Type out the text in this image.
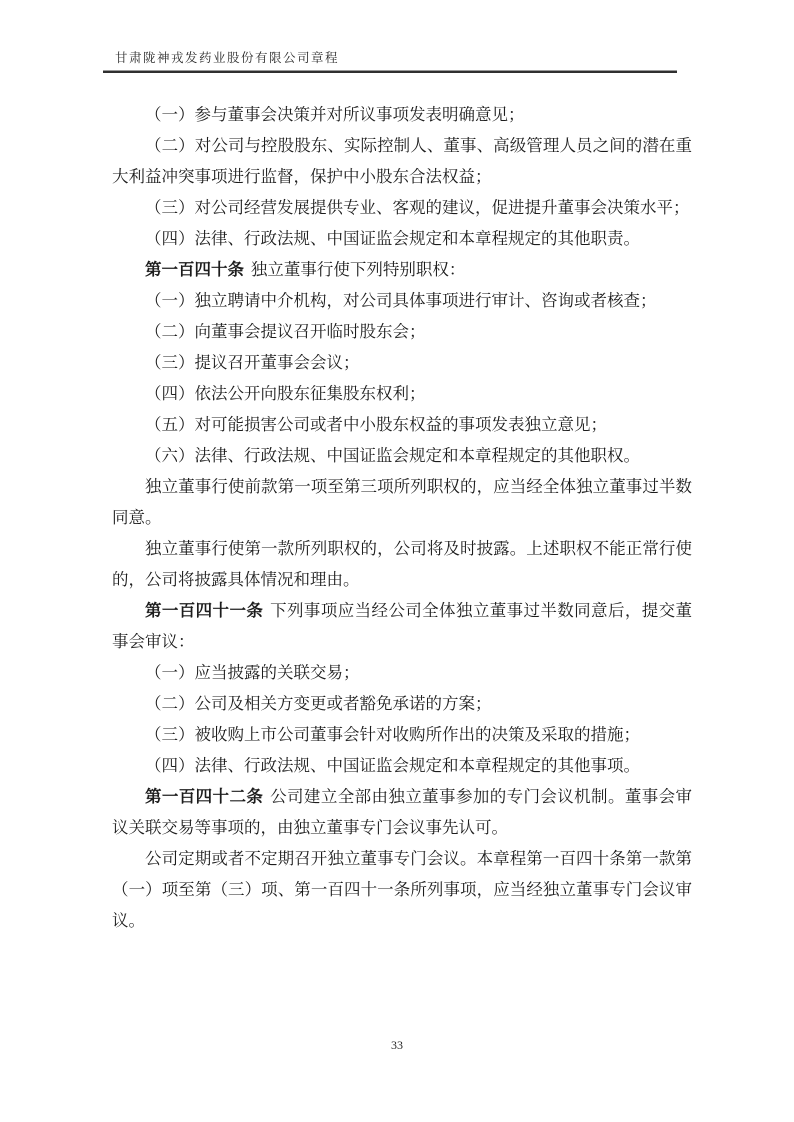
甘肃陇神戎发药业股份有限公司章程

（一）参与董事会决策并对所议事项发表明确意见；

（二）对公司与控股股东、实际控制人、董事、高级管理人员之间的潜在重大利益冲突事项进行监督，保护中小股东合法权益；

（三）对公司经营发展提供专业、客观的建议，促进提升董事会决策水平；

（四）法律、行政法规、中国证监会规定和本章程规定的其他职责。

第一百四十条 独立董事行使下列特别职权：

（一）独立聘请中介机构，对公司具体事项进行审计、咨询或者核查；

（二）向董事会提议召开临时股东会；

（三）提议召开董事会会议；

（四）依法公开向股东征集股东权利；

（五）对可能损害公司或者中小股东权益的事项发表独立意见；

（六）法律、行政法规、中国证监会规定和本章程规定的其他职权。

独立董事行使前款第一项至第三项所列职权的，应当经全体独立董事过半数同意。

独立董事行使第一款所列职权的，公司将及时披露。上述职权不能正常行使的，公司将披露具体情况和理由。

第一百四十一条 下列事项应当经公司全体独立董事过半数同意后，提交董事会审议：

（一）应当披露的关联交易；

（二）公司及相关方变更或者豁免承诺的方案；

（三）被收购上市公司董事会针对收购所作出的决策及采取的措施；

（四）法律、行政法规、中国证监会规定和本章程规定的其他事项。

第一百四十二条 公司建立全部由独立董事参加的专门会议机制。董事会审议关联交易等事项的，由独立董事专门会议事先认可。

公司定期或者不定期召开独立董事专门会议。本章程第一百四十条第一款第（一）项至第（三）项、第一百四十一条所列事项，应当经独立董事专门会议审议。

33
